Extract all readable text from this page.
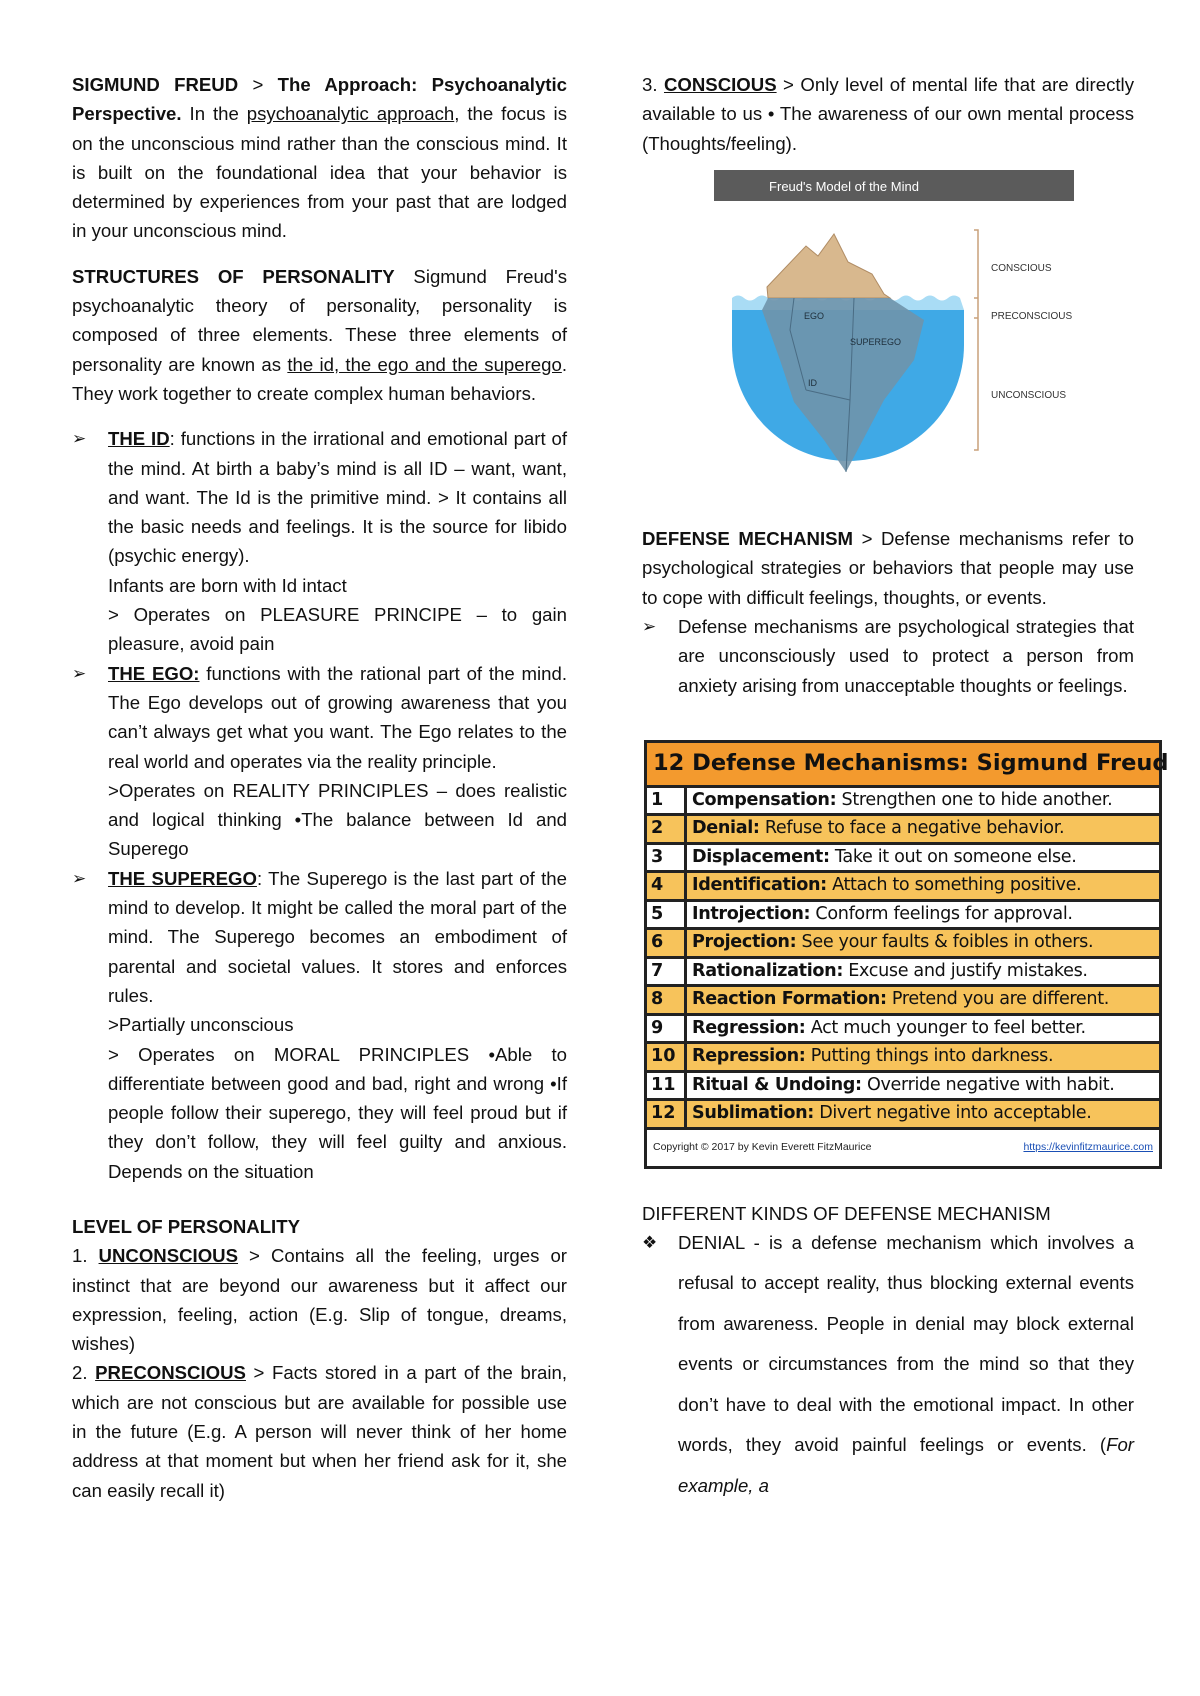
SIGMUND FREUD > The Approach: Psychoanalytic Perspective. In the psychoanalytic approach, the focus is on the unconscious mind rather than the conscious mind. It is built on the foundational idea that your behavior is determined by experiences from your past that are lodged in your unconscious mind.

STRUCTURES OF PERSONALITY Sigmund Freud's psychoanalytic theory of personality, personality is composed of three elements. These three elements of personality are known as the id, the ego and the superego. They work together to create complex human behaviors.

➢	THE ID: functions in the irrational and emotional part of the mind. At birth a baby’s mind is all ID – want, want, and want. The Id is the primitive mind. > It contains all the basic needs and feelings. It is the source for libido (psychic energy).

Infants are born with Id intact

> Operates on PLEASURE PRINCIPE – to gain pleasure, avoid pain

➢	THE EGO: functions with the rational part of the mind. The Ego develops out of growing awareness that you can’t always get what you want. The Ego relates to the real world and operates via the reality principle.

>Operates on REALITY PRINCIPLES – does realistic and logical thinking •The balance between Id and Superego

➢	THE SUPEREGO: The Superego is the last part of the mind to develop. It might be called the moral part of the mind. The Superego becomes an embodiment of parental and societal values. It stores and enforces rules.

>Partially unconscious

> Operates on MORAL PRINCIPLES •Able to differentiate between good and bad, right and wrong •If people follow their superego, they will feel proud but if they don’t follow, they will feel guilty and anxious. Depends on the situation

LEVEL OF PERSONALITY

1. UNCONSCIOUS > Contains all the feeling, urges or instinct that are beyond our awareness but it affect our expression, feeling, action (E.g. Slip of tongue, dreams, wishes)

2. PRECONSCIOUS > Facts stored in a part of the brain, which are not conscious but are available for possible use in the future (E.g. A person will never think of her home address at that moment but when her friend ask for it, she can easily recall it)

3. CONSCIOUS > Only level of mental life that are directly available to us • The awareness of our own mental process (Thoughts/feeling).

Freud's Model of the Mind
EGO
SUPEREGO
ID
CONSCIOUS
PRECONSCIOUS
UNCONSCIOUS

DEFENSE MECHANISM > Defense mechanisms refer to psychological strategies or behaviors that people may use to cope with difficult feelings, thoughts, or events.

➢	Defense mechanisms are psychological strategies that are unconsciously used to protect a person from anxiety arising from unacceptable thoughts or feelings.
12 Defense Mechanisms: Sigmund Freud
1	Compensation: Strengthen one to hide another.
2	Denial: Refuse to face a negative behavior.
3	Displacement: Take it out on someone else.
4	Identification: Attach to something positive.
5	Introjection: Conform feelings for approval.
6	Projection: See your faults & foibles in others.
7	Rationalization: Excuse and justify mistakes.
8	Reaction Formation: Pretend you are different.
9	Regression: Act much younger to feel better.
10 Repression: Putting things into darkness.
11 Ritual & Undoing: Override negative with habit.
12 Sublimation: Divert negative into acceptable.
Copyright © 2017 by Kevin Everett FitzMaurice	https://kevinfitzmaurice.com

DIFFERENT KINDS OF DEFENSE MECHANISM

❖	DENIAL - is a defense mechanism which involves a refusal to accept reality, thus blocking external events from awareness. People in denial may block external events or circumstances from the mind so that they don’t have to deal with the emotional impact. In other words, they avoid painful feelings or events. (For example, a
